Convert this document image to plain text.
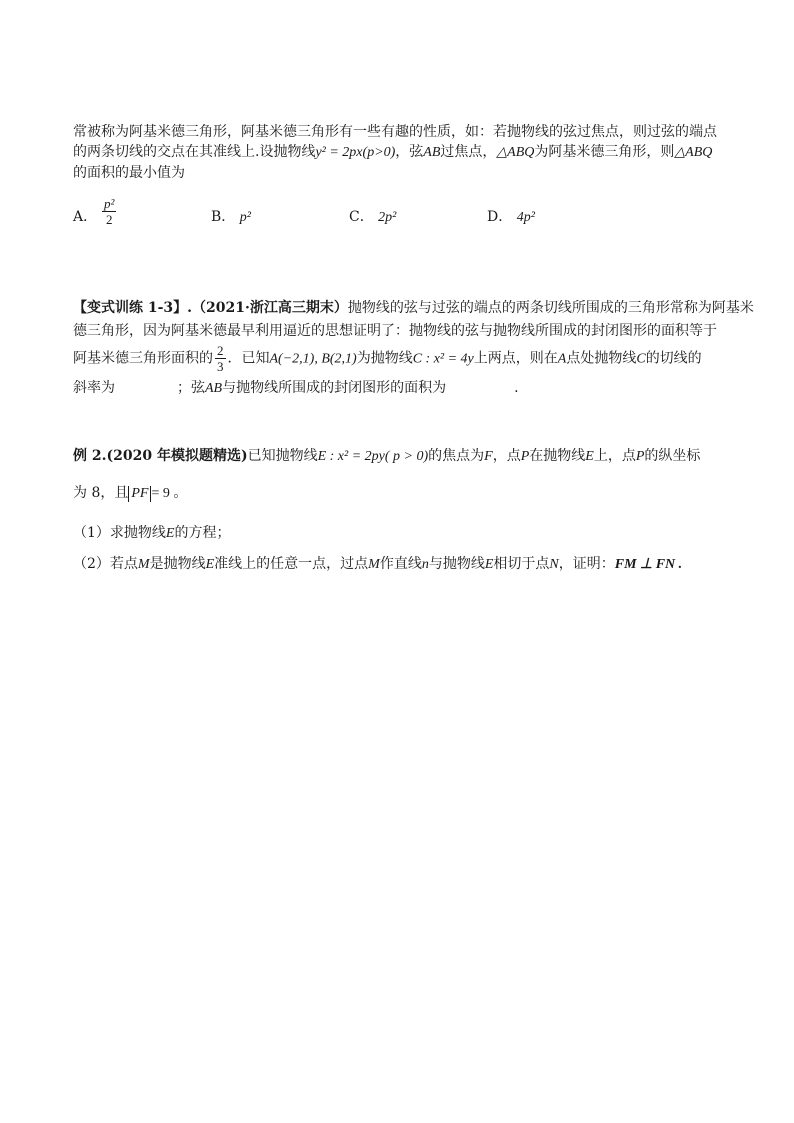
常被称为阿基米德三角形，阿基米德三角形有一些有趣的性质，如：若抛物线的弦过焦点，则过弦的端点
的两条切线的交点在其准线上.设抛物线y² = 2px(p>0)，弦AB过焦点，△ABQ为阿基米德三角形，则△ABQ
的面积的最小值为
A． $\frac{\text{p²}}{2}$	B． p²	C． 2p²	D． 4p²
【变式训练 1-3】.（2021·浙江高三期末）抛物线的弦与过弦的端点的两条切线所围成的三角形常称为阿基米
德三角形，因为阿基米德最早利用逼近的思想证明了：抛物线的弦与抛物线所围成的封闭图形的面积等于
阿基米德三角形面积的 $\frac{2}{3}$ ．已知A(−2,1), B(2,1)为抛物线C : x² = 4y上两点，则在A点处抛物线C的切线的
斜率为	；弦AB与抛物线所围成的封闭图形的面积为	.
例 2.(2020 年模拟题精选)已知抛物线E : x² = 2py( p > 0)的焦点为F，点P在抛物线E上，点P的纵坐标
为 8，且 PF = 9 。
（1）求抛物线E的方程；
（2）若点M是抛物线E准线上的任意一点，过点M作直线n与抛物线E相切于点N，证明：FM ⊥ FN .
